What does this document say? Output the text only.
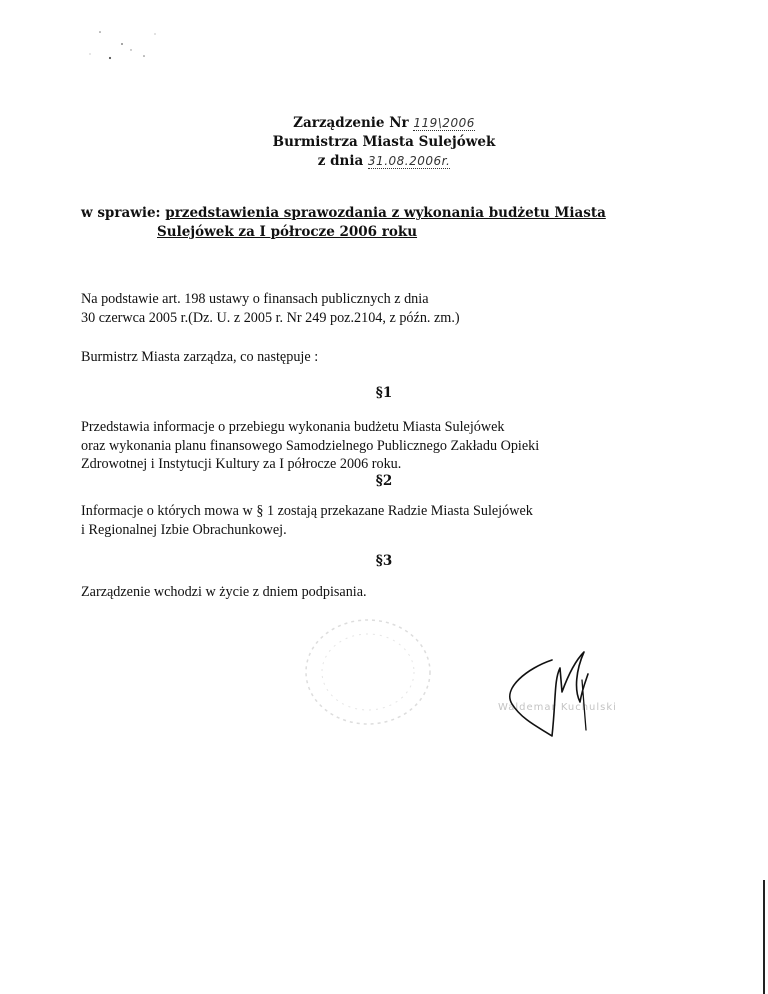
Zarządzenie Nr 119\2006
Burmistrza Miasta Sulejówek
z dnia 31.08.2006r.
w sprawie: przedstawienia sprawozdania z wykonania budżetu Miasta
Sulejówek za I półrocze 2006 roku
Na podstawie art. 198 ustawy o finansach publicznych z dnia
30 czerwca 2005 r.(Dz. U. z 2005 r. Nr 249 poz.2104, z późn. zm.)
Burmistrz Miasta zarządza, co następuje :
§1
Przedstawia informacje o przebiegu wykonania budżetu Miasta Sulejówek
oraz wykonania planu finansowego Samodzielnego Publicznego Zakładu Opieki
Zdrowotnej i Instytucji Kultury za I półrocze 2006 roku.
§2
Informacje o których mowa w § 1 zostają przekazane Radzie Miasta Sulejówek
i Regionalnej Izbie Obrachunkowej.
§3
Zarządzenie wchodzi w życie z dniem podpisania.
Waldemar Kuchulski
